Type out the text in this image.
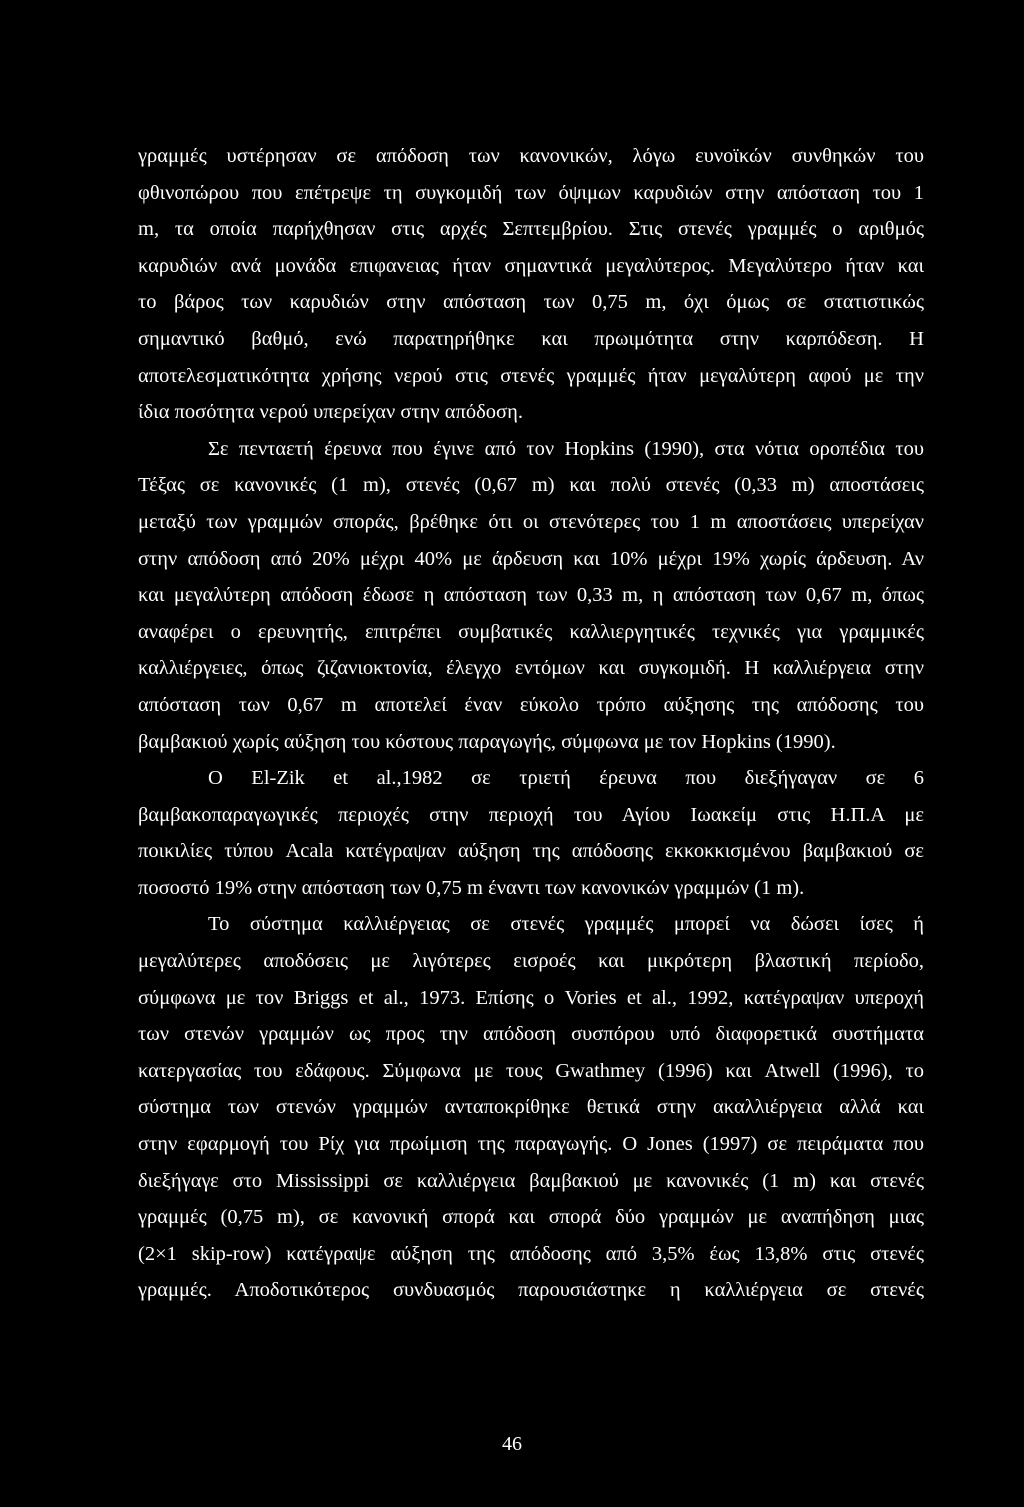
γραμμές υστέρησαν σε απόδοση των κανονικών, λόγω ευνοϊκών συνθηκών του
φθινοπώρου που επέτρεψε τη συγκομιδή των όψιμων καρυδιών στην απόσταση του 1
m, τα οποία παρήχθησαν στις αρχές Σεπτεμβρίου. Στις στενές γραμμές ο αριθμός
καρυδιών ανά μονάδα επιφανειας ήταν σημαντικά μεγαλύτερος. Μεγαλύτερο ήταν και
το βάρος των καρυδιών στην απόσταση των 0,75 m, όχι όμως σε στατιστικώς
σημαντικό βαθμό, ενώ παρατηρήθηκε και πρωιμότητα στην καρπόδεση. Η
αποτελεσματικότητα χρήσης νερού στις στενές γραμμές ήταν μεγαλύτερη αφού με την
ίδια ποσότητα νερού υπερείχαν στην απόδοση.

Σε πενταετή έρευνα που έγινε από τον Hopkins (1990), στα νότια οροπέδια του
Τέξας σε κανονικές (1 m), στενές (0,67 m) και πολύ στενές (0,33 m) αποστάσεις
μεταξύ των γραμμών σποράς, βρέθηκε ότι οι στενότερες του 1 m αποστάσεις υπερείχαν
στην απόδοση από 20% μέχρι 40% με άρδευση και 10% μέχρι 19% χωρίς άρδευση. Αν
και μεγαλύτερη απόδοση έδωσε η απόσταση των 0,33 m, η απόσταση των 0,67 m, όπως
αναφέρει ο ερευνητής, επιτρέπει συμβατικές καλλιεργητικές τεχνικές για γραμμικές
καλλιέργειες, όπως ζιζανιοκτονία, έλεγχο εντόμων και συγκομιδή. Η καλλιέργεια στην
απόσταση των 0,67 m αποτελεί έναν εύκολο τρόπο αύξησης της απόδοσης του
βαμβακιού χωρίς αύξηση του κόστους παραγωγής, σύμφωνα με τον Hopkins (1990).

Ο El-Zik et al.,1982 σε τριετή έρευνα που διεξήγαγαν σε 6
βαμβακοπαραγωγικές περιοχές στην περιοχή του Αγίου Ιωακείμ στις Η.Π.Α με
ποικιλίες τύπου Acala κατέγραψαν αύξηση της απόδοσης εκκοκκισμένου βαμβακιού σε
ποσοστό 19% στην απόσταση των 0,75 m έναντι των κανονικών γραμμών (1 m).

Το σύστημα καλλιέργειας σε στενές γραμμές μπορεί να δώσει ίσες ή
μεγαλύτερες αποδόσεις με λιγότερες εισροές και μικρότερη βλαστική περίοδο,
σύμφωνα με τον Briggs et al., 1973. Επίσης ο Vories et al., 1992, κατέγραψαν υπεροχή
των στενών γραμμών ως προς την απόδοση συσπόρου υπό διαφορετικά συστήματα
κατεργασίας του εδάφους. Σύμφωνα με τους Gwathmey (1996) και Atwell (1996), το
σύστημα των στενών γραμμών ανταποκρίθηκε θετικά στην ακαλλιέργεια αλλά και
στην εφαρμογή του Ρίχ για πρωίμιση της παραγωγής. Ο Jones (1997) σε πειράματα που
διεξήγαγε στο Mississippi σε καλλιέργεια βαμβακιού με κανονικές (1 m) και στενές
γραμμές (0,75 m), σε κανονική σπορά και σπορά δύο γραμμών με αναπήδηση μιας
(2×1 skip-row) κατέγραψε αύξηση της απόδοσης από 3,5% έως 13,8% στις στενές
γραμμές. Αποδοτικότερος συνδυασμός παρουσιάστηκε η καλλιέργεια σε στενές

46
